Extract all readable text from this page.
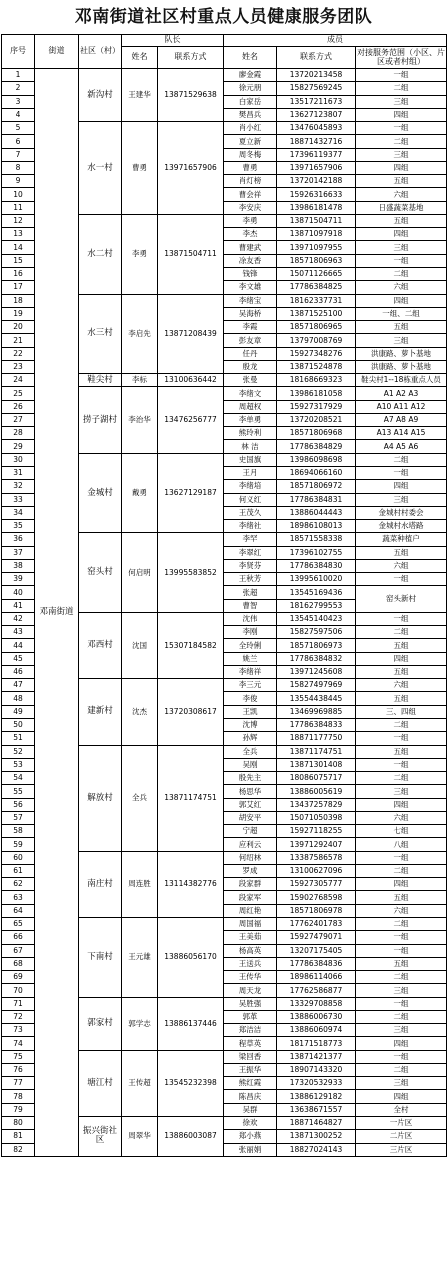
邓南街道社区村重点人员健康服务团队
序号	街道	社区（村）	队长		成员		
			姓名	联系方式	姓名	联系方式	对接服务范围（小区、片区或者村组）
1	邓南街道	新沟村	王建华	13871529638	廖金霞	13720213458	一组
2					徐元朋	15827569245	二组
3					白家岳	13517211673	三组
4					樊昌兵	13627123807	四组
5		水一村	曹勇	13971657906	肖小红	13476045893	一组
6					夏立新	18871432716	二组
7					周冬梅	17396119377	三组
8					曹勇	13971657906	四组
9					肖灯榜	13720142188	五组
10					曹会祥	15926316633	六组
11					李安庆	13986181478	日盛蔬菜基地
12		水二村	李勇	13871504711	李勇	13871504711	五组
13					李杰	13871097918	四组
14					曹建武	13971097955	三组
15					凃友香	18571806963	一组
16					钱锋	15071126665	二组
17					李文雄	17786384825	六组
18		水三村	李启先	13871208439	李绪宝	18162337731	四组
19					吴海桥	13871525100	一组、二组
20					李霞	18571806965	五组
21					彭友章	13797008769	三组
22					任丹	15927348276	洪康路、萝卜基地
23					殷龙	13871524878	洪康路、萝卜基地
24		鞋尖村	李标	13100636442	张曼	18168669323	鞋尖村1--18栋重点人员
25		捞子湖村	李治华	13476256777	李绪文	13986181058	A1 A2 A3
26					周超权	15927317929	A10 A11 A12
27					李单勇	13720208521	A7 A8 A9
28					熊玲利	18571806968	A13 A14 A15
29					林 洁	17786384829	A4 A5 A6
30		金城村	戴勇	13627129187	史国旗	13986098698	二组
31					王月	18694066160	一组
32					李绪培	18571806972	四组
33					何义红	17786384831	三组
34					王茂久	13886044443	金城村村委会
35					李绪社	18986108013	金城村水塔路
36		窑头村	何启明	13995583852	李罕	18571558338	蔬菜种植户
37					李翠红	17396102755	五组
38					李贤芬	17786384830	六组
39					王秋芳	13995610020	一组
40					张超	13545169436	窑头新村
41					曹智	18162799553	
42		邓西村	沈国	15307184582	沈伟	13545140423	一组
43					李刚	15827597506	二组
44					全玲俐	18571806973	五组
45					姚兰	17786384832	四组
46					李绪祥	13971245608	五组
47		建新村	沈杰	13720308617	李三元	15827497969	六组
48					李俊	13554438445	五组
49					王凯	13469969885	三、四组
50					沈博	17786384833	二组
51					孙辉	18871177750	一组
52		解放村	全兵	13871174751	全兵	13871174751	五组
53					吴刚	13871301408	一组
54					殷先主	18086075717	二组
55					杨思华	13886005619	三组
56					郭艾红	13437257829	四组
57					胡安平	15071050398	六组
58					宁超	15927118255	七组
59					应利云	13971292407	八组
60		南庄村	周连胜	13114382776	何绍林	13387586578	一组
61					罗成	13100627096	二组
62					段家群	15927305777	四组
63					段家军	15902768598	五组
64					周红艳	18571806978	六组
65		下南村	王元雄	13886056170	周国福	17762401783	二组
66					王美茹	15927479071	一组
67					杨高英	13207175405	一组
68					王送兵	17786384836	五组
69					王传华	18986114066	二组
70					周天龙	17762586877	三组
71		郭家村	郭学志	13886137446	吴胜强	13329708858	一组
72					郭革	13886006730	二组
73					郑洁洁	13886060974	三组
74					程草英	18171518773	四组
75		塘江村	王传超	13545232398	梁回香	13871421377	一组
76					王振华	18907143320	二组
77					熊红霞	17320532933	三组
78					陈昌庆	13886129182	四组
79					吴群	13638671557	全村
80		振兴街社区	周翠华	13886003087	徐欢	18871464827	一片区
81					郑小燕	13871300252	二片区
82					张丽娟	18827024143	三片区
